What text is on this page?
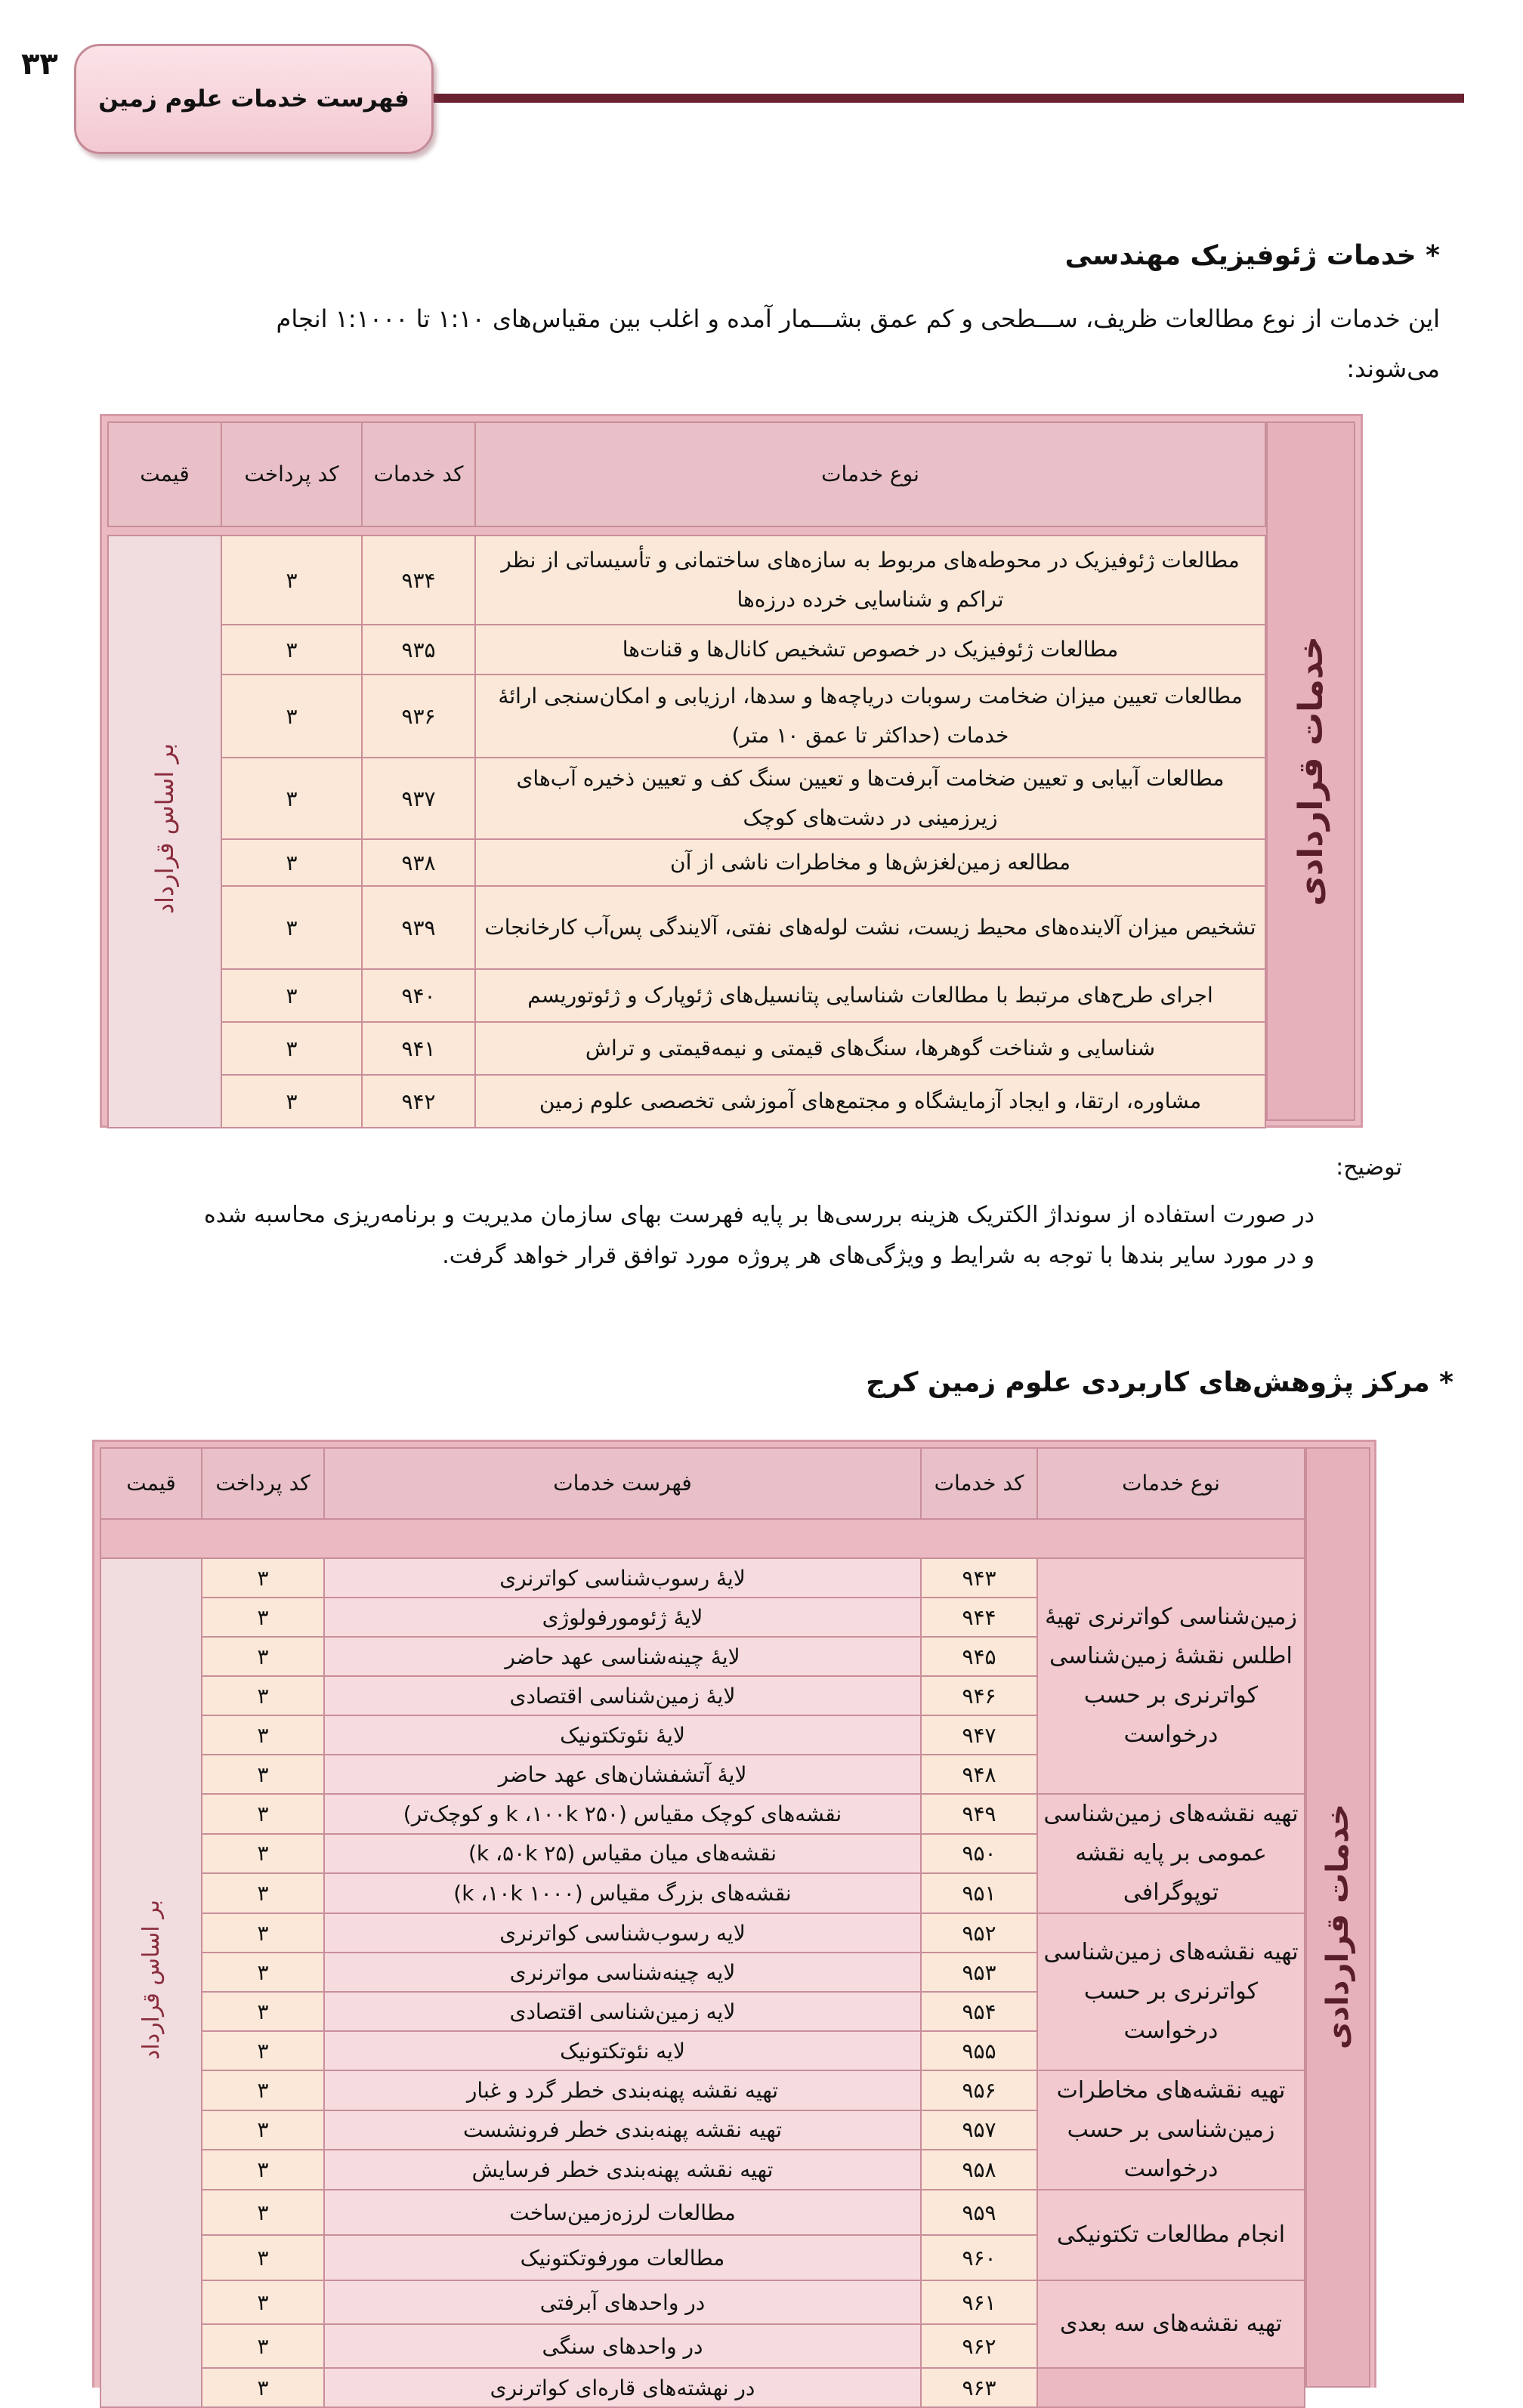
۳۳
فهرست خدمات علوم زمین
* خدمات ژئوفیزیک مهندسی
این خدمات از نوع مطالعات ظریف، ســـطحی و کم عمق بشـــمار آمده و اغلب بین مقیاس‌های ۱:۱۰ تا ۱:۱۰۰۰ انجام
می‌شوند:
خدمات قراردادی
نوع خدمات	کد خدمات	کد پرداخت	قیمت

مطالعات ژئوفیزیک در محوطه‌های مربوط به سازه‌های ساختمانی و تأسیساتی از نظر تراکم و شناسایی خرده درزه‌ها	۹۳۴	۳	بر اساس قرارداد
مطالعات ژئوفیزیک در خصوص تشخیص کانال‌ها و قنات‌ها	۹۳۵	۳	
مطالعات تعیین میزان ضخامت رسوبات دریاچه‌ها و سدها، ارزیابی و امکان‌سنجی ارائهٔ خدمات (حداکثر تا عمق ۱۰ متر)	۹۳۶	۳	
مطالعات آبیابی و تعیین ضخامت آبرفت‌ها و تعیین سنگ کف و تعیین ذخیره آب‌های زیرزمینی در دشت‌های کوچک	۹۳۷	۳	
مطالعه زمین‌لغزش‌ها و مخاطرات ناشی از آن	۹۳۸	۳	
تشخیص میزان آلاینده‌های محیط زیست، نشت لوله‌های نفتی، آلایندگی پس‌آب کارخانجات	۹۳۹	۳	
اجرای طرح‌های مرتبط با مطالعات شناسایی پتانسیل‌های ژئوپارک و ژئوتوریسم	۹۴۰	۳	
شناسایی و شناخت گوهرها، سنگ‌های قیمتی و نیمه‌قیمتی و تراش	۹۴۱	۳	
مشاوره، ارتقا، و ایجاد آزمایشگاه و مجتمع‌های آموزشی تخصصی علوم زمین	۹۴۲	۳	
توضیح:
در صورت استفاده از سونداژ الکتریک هزینه بررسی‌ها بر پایه فهرست بهای سازمان مدیریت و برنامه‌ریزی محاسبه شده
و در مورد سایر بندها با توجه به شرایط و ویژگی‌های هر پروژه مورد توافق قرار خواهد گرفت.
* مرکز پژوهش‌های کاربردی علوم زمین کرج
خدمات قراردادی
نوع خدمات	کد خدمات	فهرست خدمات	کد پرداخت	قیمت

زمین‌شناسی کواترنری تهیهٔ اطلس نقشهٔ زمین‌شناسی کواترنری بر حسب درخواست	۹۴۳	لایهٔ رسوب‌شناسی کواترنری	۳	بر اساس قرارداد
	۹۴۴	لایهٔ ژئومورفولوژی	۳	
	۹۴۵	لایهٔ چینه‌شناسی عهد حاضر	۳	
	۹۴۶	لایهٔ زمین‌شناسی اقتصادی	۳	
	۹۴۷	لایهٔ نئوتکتونیک	۳	
	۹۴۸	لایهٔ آتشفشان‌های عهد حاضر	۳	
تهیه نقشه‌های زمین‌شناسی عمومی بر پایه نقشه توپوگرافی	۹۴۹	نقشه‌های کوچک مقیاس (۲۵۰ k ،۱۰۰k و کوچک‌تر)	۳	
	۹۵۰	نقشه‌های میان مقیاس (۲۵ k ،۵۰k)	۳	
	۹۵۱	نقشه‌های بزرگ مقیاس (۱۰۰۰ k ،۱۰k)	۳	
تهیه نقشه‌های زمین‌شناسی کواترنری بر حسب درخواست	۹۵۲	لایه رسوب‌شناسی کواترنری	۳	
	۹۵۳	لایه چینه‌شناسی مواترنری	۳	
	۹۵۴	لایه زمین‌شناسی اقتصادی	۳	
	۹۵۵	لایه نئوتکتونیک	۳	
تهیه نقشه‌های مخاطرات زمین‌شناسی بر حسب درخواست	۹۵۶	تهیه نقشه پهنه‌بندی خطر گرد و غبار	۳	
	۹۵۷	تهیه نقشه پهنه‌بندی خطر فرونشست	۳	
	۹۵۸	تهیه نقشه پهنه‌بندی خطر فرسایش	۳	
انجام مطالعات تکتونیکی	۹۵۹	مطالعات لرزه‌زمین‌ساخت	۳	
	۹۶۰	مطالعات مورفوتکتونیک	۳	
تهیه نقشه‌های سه بعدی	۹۶۱	در واحدهای آبرفتی	۳	
	۹۶۲	در واحدهای سنگی	۳	
	۹۶۳	در نهشته‌های قاره‌ای کواترنری	۳	
